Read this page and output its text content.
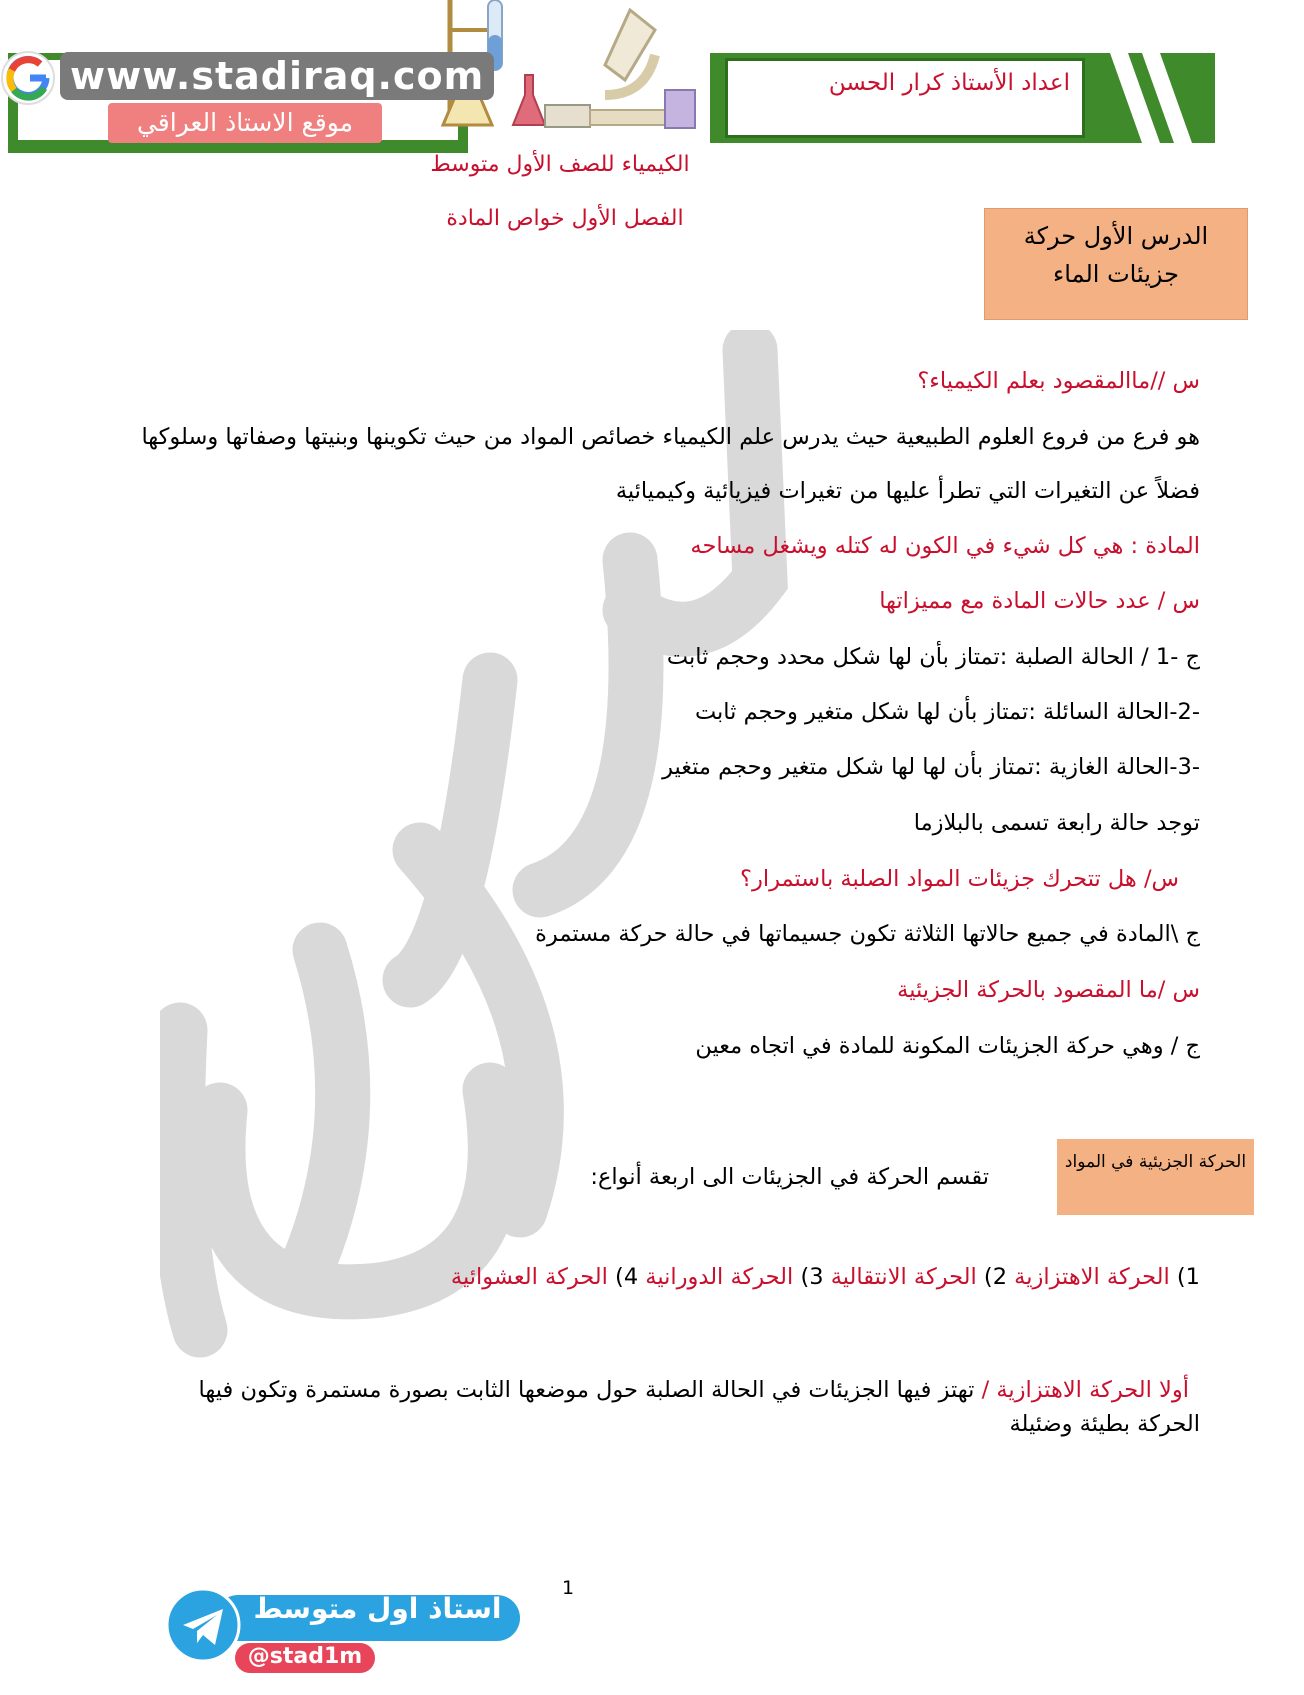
اعداد الأستاذ كرار الحسن
www.stadiraq.com
موقع الاستاذ العراقي
الكيمياء للصف الأول متوسط
الفصل الأول خواص المادة
الدرس الأول حركة جزيئات الماء
س //ماالمقصود بعلم الكيمياء؟
هو فرع من فروع العلوم الطبيعية حيث يدرس علم الكيمياء خصائص المواد من حيث تكوينها وبنيتها وصفاتها وسلوكها
فضلاً عن التغيرات التي تطرأ عليها من تغيرات فيزيائية وكيميائية
المادة : هي كل شيء في الكون له كتله ويشغل مساحه
س / عدد حالات المادة مع مميزاتها
ج -1 / الحالة الصلبة :تمتاز بأن لها شكل محدد وحجم ثابت
-2-الحالة السائلة :تمتاز بأن لها شكل متغير وحجم ثابت
-3-الحالة الغازية :تمتاز بأن لها لها شكل متغير وحجم متغير
توجد حالة رابعة تسمى بالبلازما
س/ هل تتحرك جزيئات المواد الصلبة باستمرار؟
ج \المادة في جميع حالاتها الثلاثة تكون جسيماتها في حالة حركة مستمرة
س /ما المقصود بالحركة الجزيئية
ج / وهي حركة الجزيئات المكونة للمادة في اتجاه معين
الحركة الجزيئية في المواد
تقسم الحركة في الجزيئات الى اربعة أنواع:
1) الحركة الاهتزازية 2) الحركة الانتقالية 3) الحركة الدورانية 4) الحركة العشوائية
أولا الحركة الاهتزازية / تهتز فيها الجزيئات في الحالة الصلبة حول موضعها الثابت بصورة مستمرة وتكون فيها
الحركة بطيئة وضئيلة
1
استاذ اول متوسط
@stad1m
